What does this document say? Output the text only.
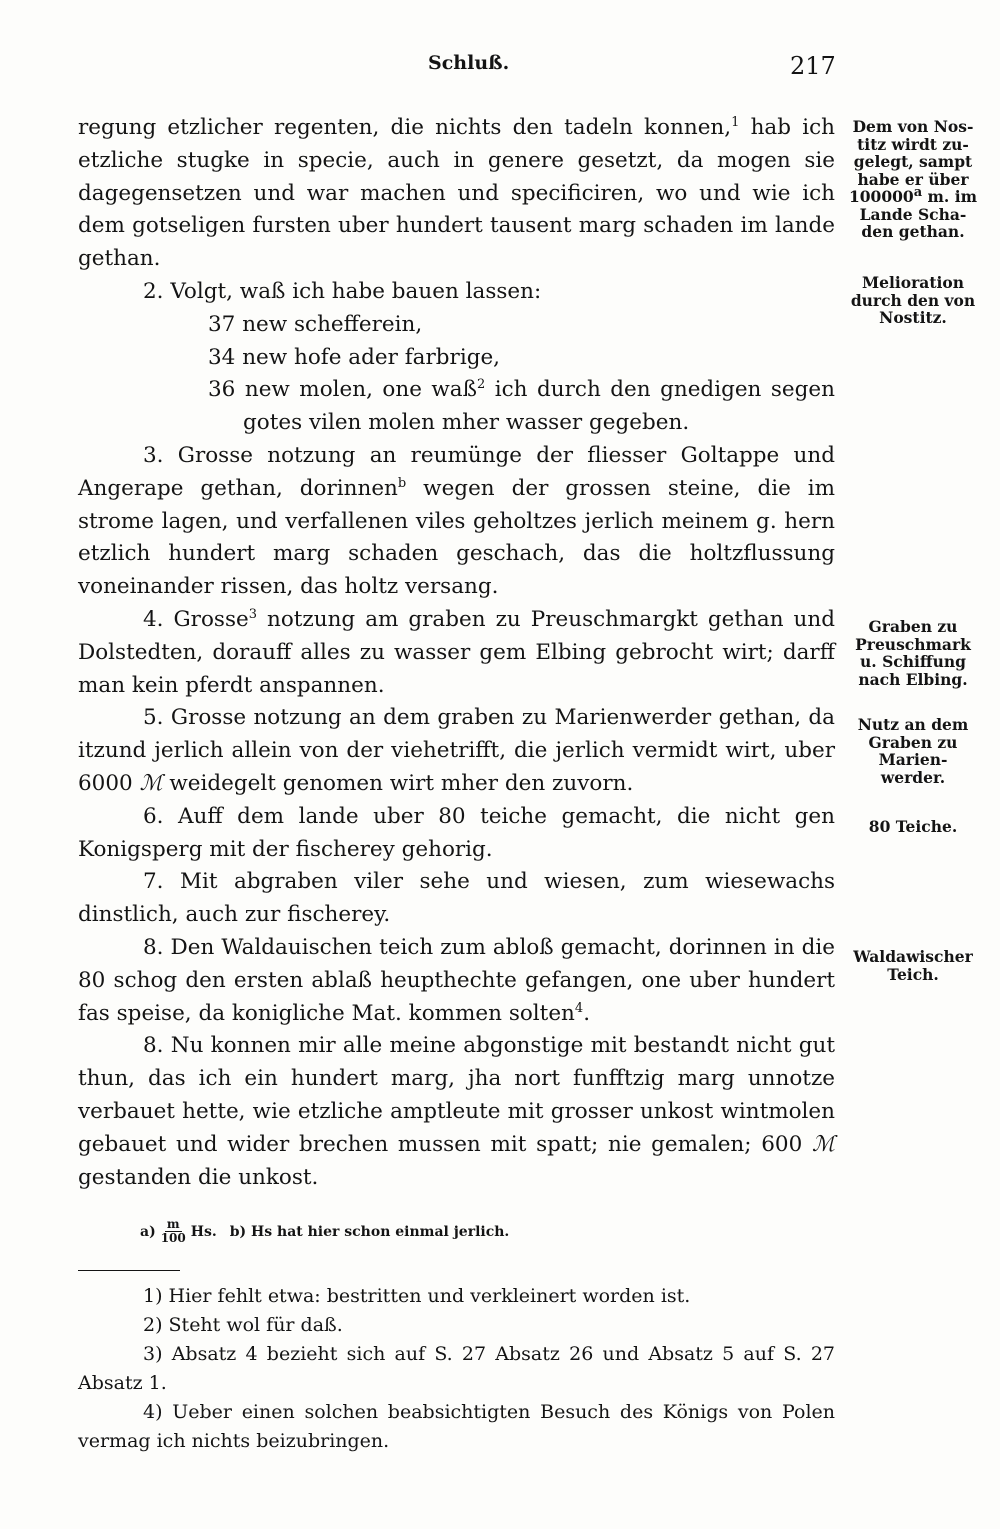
Schluß.	217

regung etzlicher regenten, die nichts den tadeln konnen,$^1$ hab ich etzliche stugke in specie, auch in genere gesetzt, da mogen sie dagegensetzen und war machen und specificiren, wo und wie ich dem gotseligen fursten uber hundert tausent marg schaden im lande gethan.

2. Volgt, waß ich habe bauen lassen:

37 new schefferein,

34 new hofe ader farbrige,

36 new molen, one waß$^2$ ich durch den gnedigen segen gotes vilen molen mher wasser gegeben.

3. Grosse notzung an reumünge der fliesser Goltappe und Angerape gethan, dorinnen$^b$ wegen der grossen steine, die im strome lagen, und verfallenen viles geholtzes jerlich meinem g. hern etzlich hundert marg schaden geschach, das die holtzflussung voneinander rissen, das holtz versang.

4. Grosse$^3$ notzung am graben zu Preuschmargkt gethan und Dolstedten, dorauff alles zu wasser gem Elbing gebrocht wirt; darff man kein pferdt anspannen.

5. Grosse notzung an dem graben zu Marienwerder gethan, da itzund jerlich allein von der viehetrifft, die jerlich vermidt wirt, uber 6000 ℳ weidegelt genomen wirt mher den zuvorn.

6. Auff dem lande uber 80 teiche gemacht, die nicht gen Konigsperg mit der fischerey gehorig.

7. Mit abgraben viler sehe und wiesen, zum wiesewachs dinstlich, auch zur fischerey.

8. Den Waldauischen teich zum abloß gemacht, dorinnen in die 80 schog den ersten ablaß heupthechte gefangen, one uber hundert fas speise, da konigliche Mat. kommen solten$^4$.

8. Nu konnen mir alle meine abgonstige mit bestandt nicht gut thun, das ich ein hundert marg, jha nort funfftzig marg unnotze verbauet hette, wie etzliche amptleute mit grosser unkost wintmolen gebauet und wider brechen mussen mit spatt; nie gemalen; 600 ℳ gestanden die unkost.

Dem von Nos-
titz wirdt zu-
gelegt, sampt
habe er über
100000$^a$ m. im
Lande Scha-
den gethan.
Melioration
durch den von
Nostitz.
Graben zu
Preuschmark
u. Schiffung
nach Elbing.
Nutz an dem
Graben zu
Marien-
werder.
80 Teiche.
Waldawischer
Teich.
$a) \frac{m}{100} Hs$. b) Hs hat hier schon einmal jerlich.

1) Hier fehlt etwa: bestritten und verkleinert worden ist.

2) Steht wol für daß.

3) Absatz 4 bezieht sich auf S. 27 Absatz 26 und Absatz 5 auf S. 27 Absatz 1.

4) Ueber einen solchen beabsichtigten Besuch des Königs von Polen vermag ich nichts beizubringen.
